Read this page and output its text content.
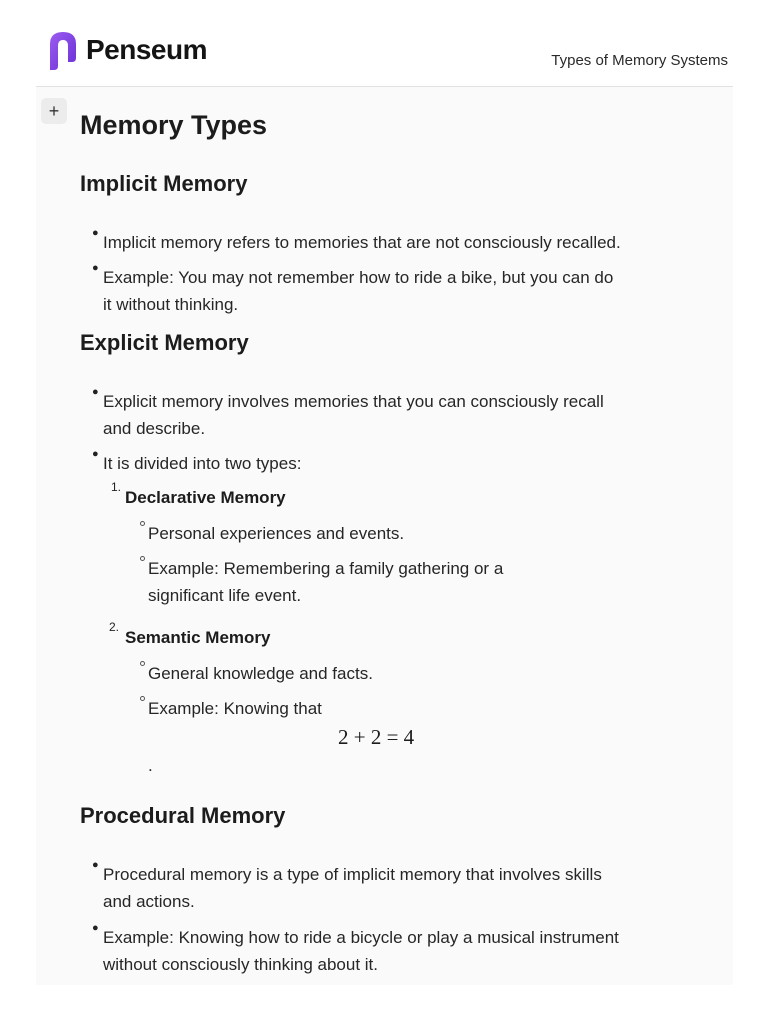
Penseum	Types of Memory Systems
+ Memory Types
Implicit Memory
● Implicit memory refers to memories that are not consciously recalled.
● Example: You may not remember how to ride a bike, but you can do
it without thinking.
Explicit Memory
● Explicit memory involves memories that you can consciously recall
and describe.
● It is divided into two types:
1.
Declarative Memory
Personal experiences and events.
Example: Remembering a family gathering or a
significant life event.
2.
Semantic Memory
General knowledge and facts.
Example: Knowing that
2 + 2 = 4
.
Procedural Memory
● Procedural memory is a type of implicit memory that involves skills
and actions.
● Example: Knowing how to ride a bicycle or play a musical instrument
without consciously thinking about it.
